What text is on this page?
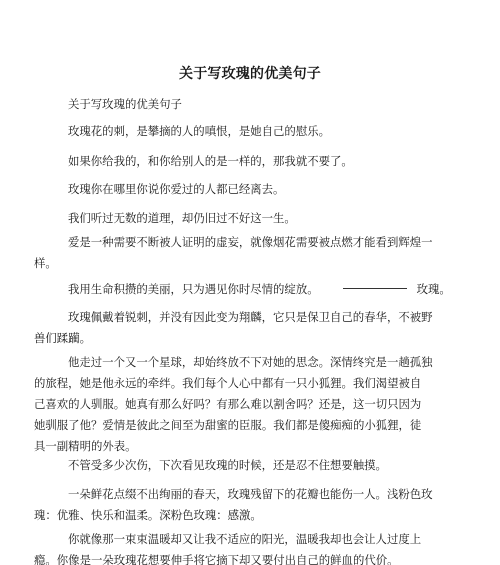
关于写玫瑰的优美句子

关于写玫瑰的优美句子

玫瑰花的刺，是攀摘的人的嗔恨，是她自己的慰乐。

如果你给我的，和你给别人的是一样的，那我就不要了。

玫瑰你在哪里你说你爱过的人都已经离去。

我们听过无数的道理，却仍旧过不好这一生。

爱是一种需要不断被人证明的虚妄，就像烟花需要被点燃才能看到辉煌一
样。

我用生命积攒的美丽，只为遇见你时尽情的绽放。	玫瑰。

玫瑰佩戴着锐刺，并没有因此变为翔麟，它只是保卫自己的春华，不被野
兽们蹂躏。

他走过一个又一个星球，却始终放不下对她的思念。深情终究是一趟孤独
的旅程，她是他永远的牵绊。我们每个人心中都有一只小狐狸。我们渴望被自
己喜欢的人驯服。她真有那么好吗？有那么难以割舍吗？还是，这一切只因为
她驯服了他？爱情是彼此之间至为甜蜜的臣服。我们都是傻痴痴的小狐狸，徒
具一副精明的外表。

不管受多少次伤，下次看见玫瑰的时候，还是忍不住想要触摸。

一朵鲜花点缀不出绚丽的春天，玫瑰残留下的花瓣也能伤一人。浅粉色玫
瑰：优雅、快乐和温柔。深粉色玫瑰：感激。

你就像那一束束温暖却又让我不适应的阳光，温暖我却也会让人过度上
瘾。你像是一朵玫瑰花想要伸手将它摘下却又要付出自己的鲜血的代价。
